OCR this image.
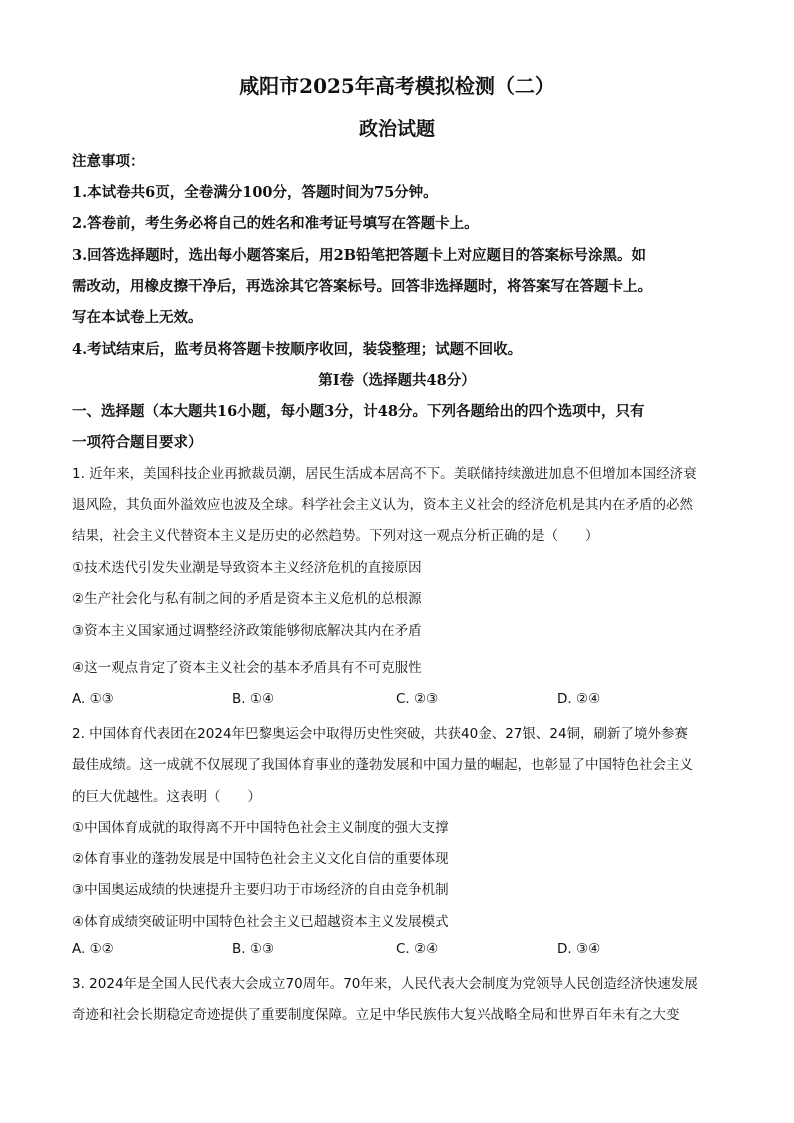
咸阳市2025年高考模拟检测（二）
政治试题
注意事项：
1.本试卷共6页，全卷满分100分，答题时间为75分钟。
2.答卷前，考生务必将自己的姓名和准考证号填写在答题卡上。
3.回答选择题时，选出每小题答案后，用2B铅笔把答题卡上对应题目的答案标号涂黑。如
需改动，用橡皮擦干净后，再选涂其它答案标号。回答非选择题时，将答案写在答题卡上。
写在本试卷上无效。
4.考试结束后，监考员将答题卡按顺序收回，装袋整理；试题不回收。
第Ⅰ卷（选择题共48分）
一、选择题（本大题共16小题，每小题3分，计48分。下列各题给出的四个选项中，只有
一项符合题目要求）
1. 近年来，美国科技企业再掀裁员潮，居民生活成本居高不下。美联储持续激进加息不但增加本国经济衰
退风险，其负面外溢效应也波及全球。科学社会主义认为，资本主义社会的经济危机是其内在矛盾的必然
结果，社会主义代替资本主义是历史的必然趋势。下列对这一观点分析正确的是（　　）
①技术迭代引发失业潮是导致资本主义经济危机的直接原因
②生产社会化与私有制之间的矛盾是资本主义危机的总根源
③资本主义国家通过调整经济政策能够彻底解决其内在矛盾
④这一观点肯定了资本主义社会的基本矛盾具有不可克服性
A. ①③	B. ①④	C. ②③	D. ②④
2. 中国体育代表团在2024年巴黎奥运会中取得历史性突破，共获40金、27银、24铜，刷新了境外参赛
最佳成绩。这一成就不仅展现了我国体育事业的蓬勃发展和中国力量的崛起，也彰显了中国特色社会主义
的巨大优越性。这表明（　　）
①中国体育成就的取得离不开中国特色社会主义制度的强大支撑
②体育事业的蓬勃发展是中国特色社会主义文化自信的重要体现
③中国奥运成绩的快速提升主要归功于市场经济的自由竞争机制
④体育成绩突破证明中国特色社会主义已超越资本主义发展模式
A. ①②	B. ①③	C. ②④	D. ③④
3. 2024年是全国人民代表大会成立70周年。70年来，人民代表大会制度为党领导人民创造经济快速发展
奇迹和社会长期稳定奇迹提供了重要制度保障。立足中华民族伟大复兴战略全局和世界百年未有之大变
